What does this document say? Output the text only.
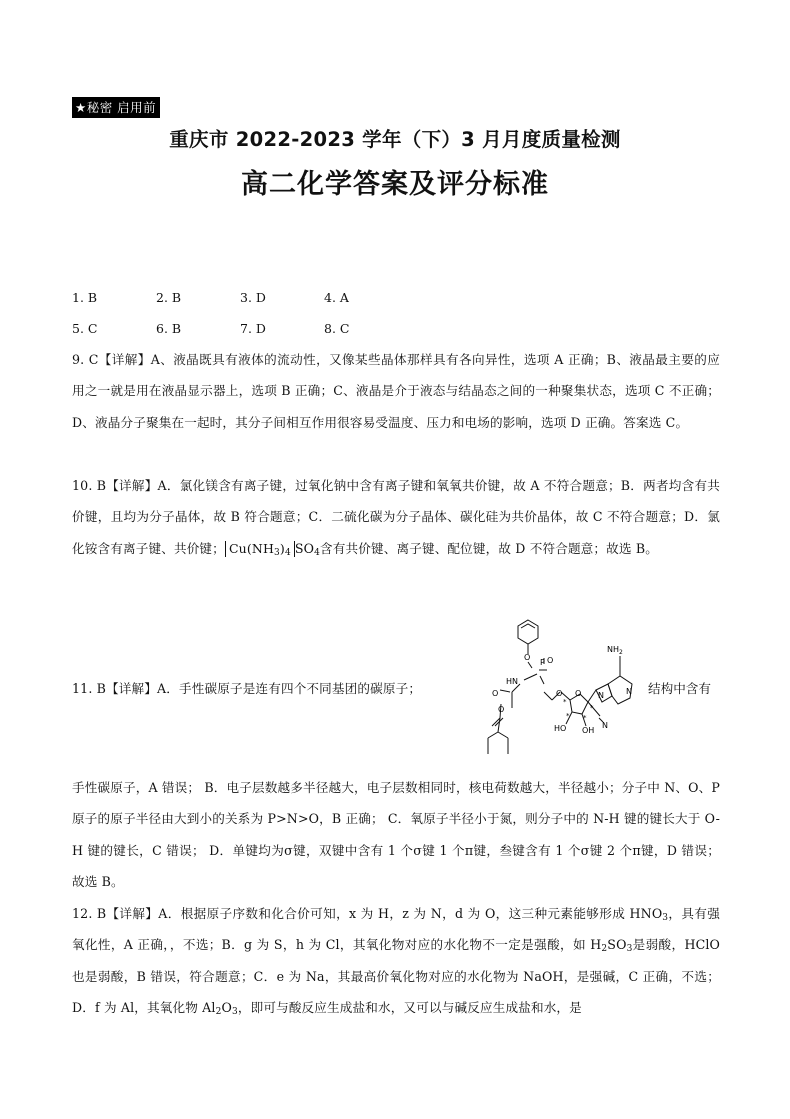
★秘密 启用前
重庆市 2022-2023 学年（下）3 月月度质量检测
高二化学答案及评分标准
1. B	2. B	3. D	4. A
5. C	6. B	7. D	8. C
9. C【详解】A、液晶既具有液体的流动性，又像某些晶体那样具有各向异性，选项 A 正确；B、液晶最主要的应用之一就是用在液晶显示器上，选项 B 正确；C、液晶是介于液态与结晶态之间的一种聚集状态，选项 C 不正确；D、液晶分子聚集在一起时，其分子间相互作用很容易受温度、压力和电场的影响，选项 D 正确。答案选 C。
10. B【详解】A．氯化镁含有离子键，过氧化钠中含有离子键和氧氧共价键，故 A 不符合题意；B．两者均含有共价键，且均为分子晶体，故 B 符合题意；C．二硫化碳为分子晶体、碳化硅为共价晶体，故 C 不符合题意；D．氯化铵含有离子键、共价键； $Cu(NH_3)_4$ $SO_4$含有共价键、离子键、配位键，故 D 不符合题意；故选 B。
11. B【详解】A．手性碳原子是连有四个不同基团的碳原子；
$NH_2$
P O
O
O O
HN
O
O
N
HO OH
N	N
* *
*
*
结构中含有
手性碳原子，A 错误； B．电子层数越多半径越大，电子层数相同时，核电荷数越大，半径越小；分子中 N、O、P 原子的原子半径由大到小的关系为 P>N>O，B 正确； C．氧原子半径小于氮，则分子中的 N-H 键的键长大于 O-H 键的键长，C 错误； D．单键均为σ键，双键中含有 1 个σ键 1 个π键，叁键含有 1 个σ键 2 个π键，D 错误；故选 B。
12. B【详解】A．根据原子序数和化合价可知，x 为 H，z 为 N，d 为 O，这三种元素能够形成 $HNO_3$，具有强氧化性，A 正确，，不选；B．g 为 S，h 为 Cl，其氧化物对应的水化物不一定是强酸，如 $H_2SO_3$是弱酸，HClO 也是弱酸，B 错误，符合题意；C．e 为 Na，其最高价氧化物对应的水化物为 NaOH，是强碱，C 正确，不选；D．f 为 Al，其氧化物 $Al_2O_3$，即可与酸反应生成盐和水，又可以与碱反应生成盐和水，是
